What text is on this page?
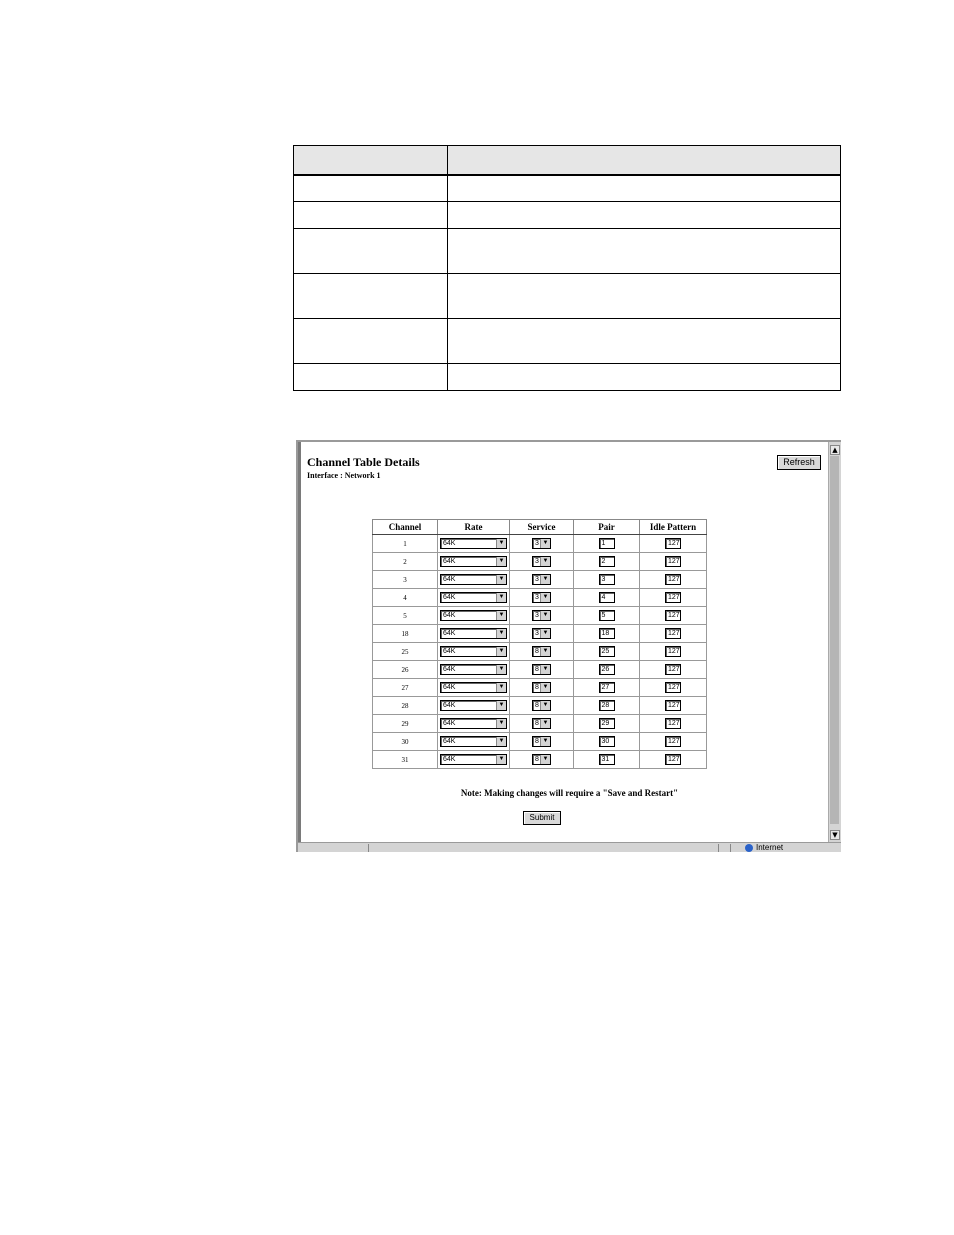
Channel Table Details
Interface : Network 1
Refresh
Channel	Rate	Service	Pair	Idle Pattern
1	64K ▼	3 ▼	1	127
2	64K ▼	3 ▼	2	127
3	64K ▼	3 ▼	3	127
4	64K ▼	3 ▼	4	127
5	64K ▼	3 ▼	5	127
18	64K ▼	3 ▼	18	127
25	64K ▼	8 ▼	25	127
26	64K ▼	8 ▼	26	127
27	64K ▼	8 ▼	27	127
28	64K ▼	8 ▼	28	127
29	64K ▼	8 ▼	29	127
30	64K ▼	8 ▼	30	127
31	64K ▼	8 ▼	31	127
Note: Making changes will require a "Save and Restart"
Submit
▲
▼
Internet
